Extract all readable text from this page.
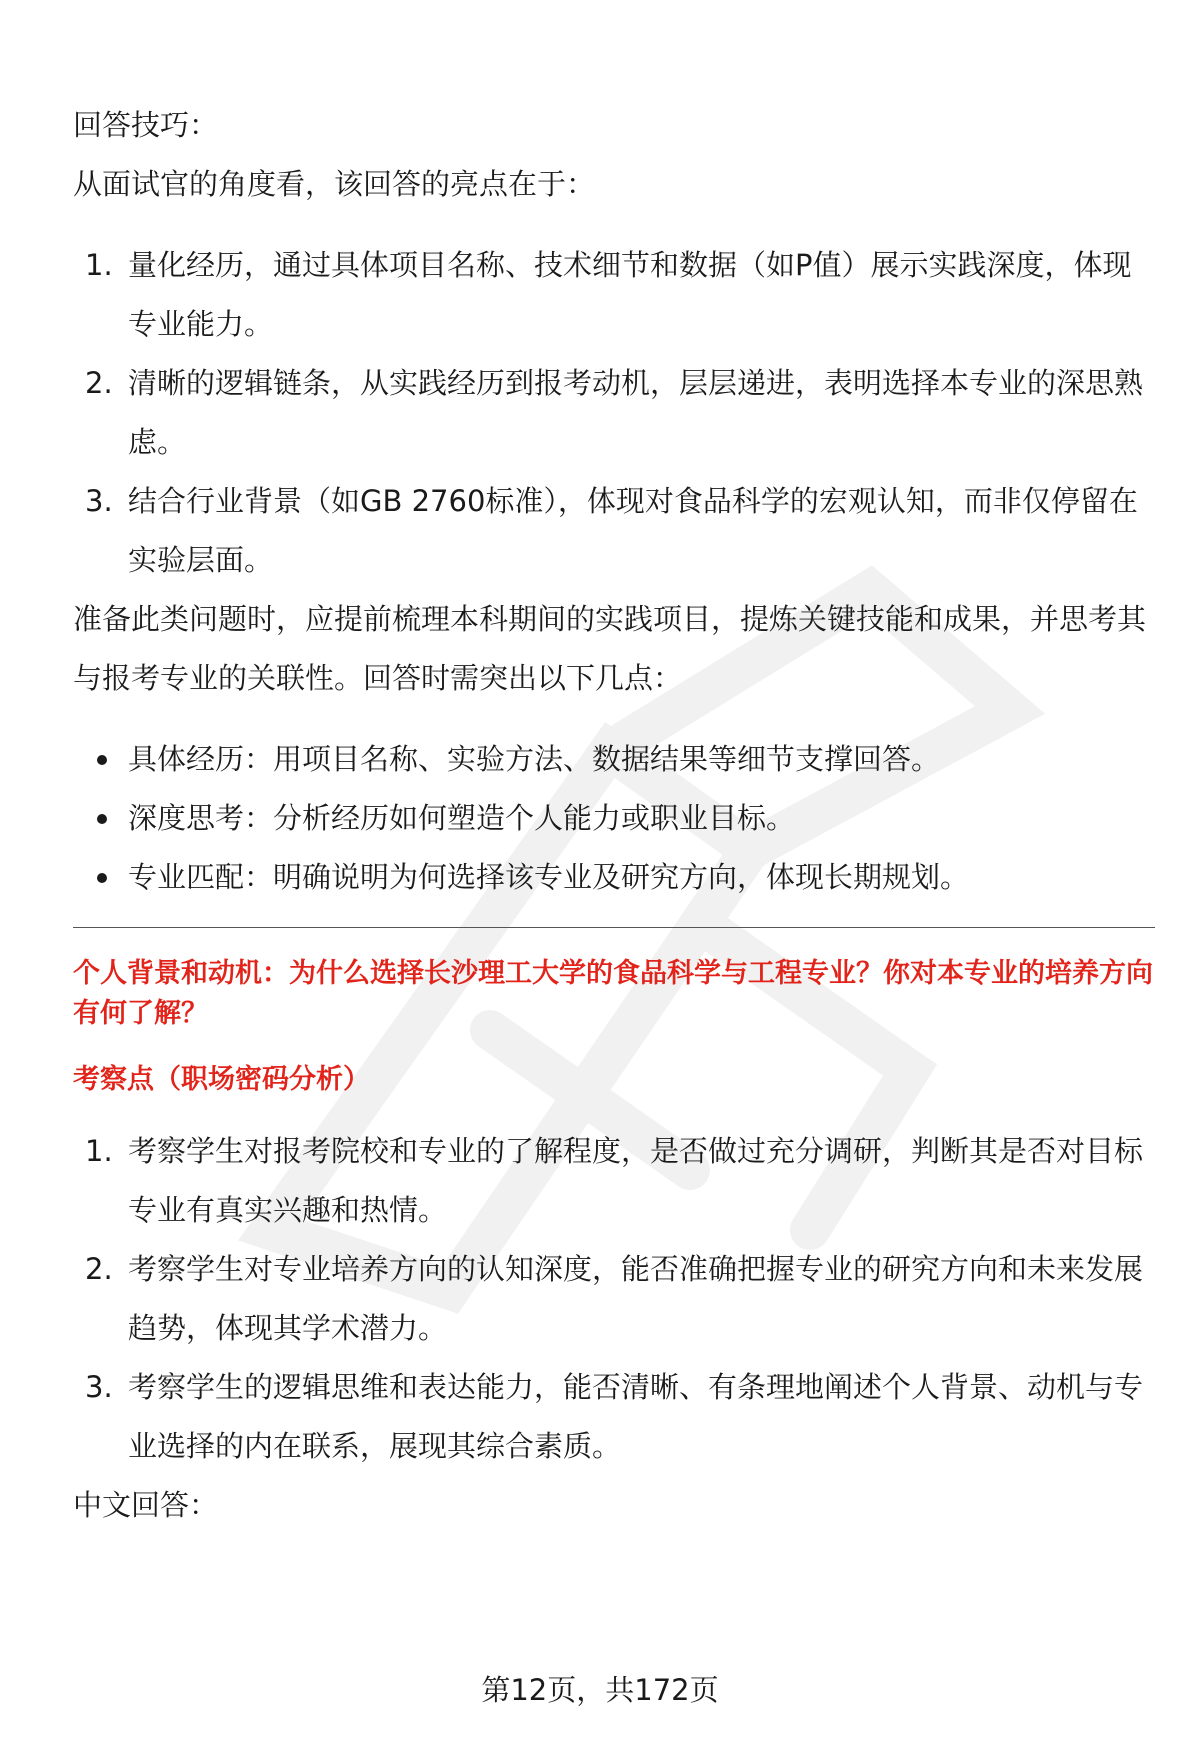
回答技巧：

从面试官的角度看，该回答的亮点在于：

1. 量化经历，通过具体项目名称、技术细节和数据（如P值）展示实践深度，体现专业能力。
2. 清晰的逻辑链条，从实践经历到报考动机，层层递进，表明选择本专业的深思熟虑。
3. 结合行业背景（如GB 2760标准），体现对食品科学的宏观认知，而非仅停留在实验层面。

准备此类问题时，应提前梳理本科期间的实践项目，提炼关键技能和成果，并思考其与报考专业的关联性。回答时需突出以下几点：

具体经历：用项目名称、实验方法、数据结果等细节支撑回答。
深度思考：分析经历如何塑造个人能力或职业目标。
专业匹配：明确说明为何选择该专业及研究方向，体现长期规划。

个人背景和动机：为什么选择长沙理工大学的食品科学与工程专业？你对本专业的培养方向有何了解？

考察点（职场密码分析）

1. 考察学生对报考院校和专业的了解程度，是否做过充分调研，判断其是否对目标专业有真实兴趣和热情。
2. 考察学生对专业培养方向的认知深度，能否准确把握专业的研究方向和未来发展趋势，体现其学术潜力。
3. 考察学生的逻辑思维和表达能力，能否清晰、有条理地阐述个人背景、动机与专业选择的内在联系，展现其综合素质。

中文回答：

第12页，共172页
